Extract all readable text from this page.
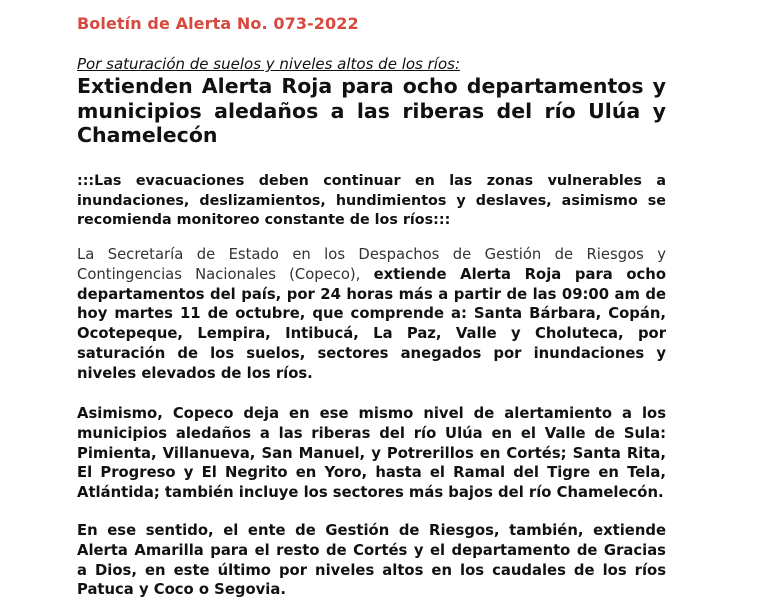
Boletín de Alerta No. 073-2022
Por saturación de suelos y niveles altos de los ríos:
Extienden Alerta Roja para ocho departamentos y municipios aledaños a las riberas del río Ulúa y Chamelecón
:::Las evacuaciones deben continuar en las zonas vulnerables a inundaciones, deslizamientos, hundimientos y deslaves, asimismo se recomienda monitoreo constante de los ríos:::
La Secretaría de Estado en los Despachos de Gestión de Riesgos y Contingencias Nacionales (Copeco), extiende Alerta Roja para ocho departamentos del país, por 24 horas más a partir de las 09:00 am de hoy martes 11 de octubre, que comprende a: Santa Bárbara, Copán, Ocotepeque, Lempira, Intibucá, La Paz, Valle y Choluteca, por saturación de los suelos, sectores anegados por inundaciones y niveles elevados de los ríos.
Asimismo, Copeco deja en ese mismo nivel de alertamiento a los municipios aledaños a las riberas del río Ulúa en el Valle de Sula: Pimienta, Villanueva, San Manuel, y Potrerillos en Cortés; Santa Rita, El Progreso y El Negrito en Yoro, hasta el Ramal del Tigre en Tela, Atlántida; también incluye los sectores más bajos del río Chamelecón.
En ese sentido, el ente de Gestión de Riesgos, también, extiende Alerta Amarilla para el resto de Cortés y el departamento de Gracias a Dios, en este último por niveles altos en los caudales de los ríos Patuca y Coco o Segovia.
